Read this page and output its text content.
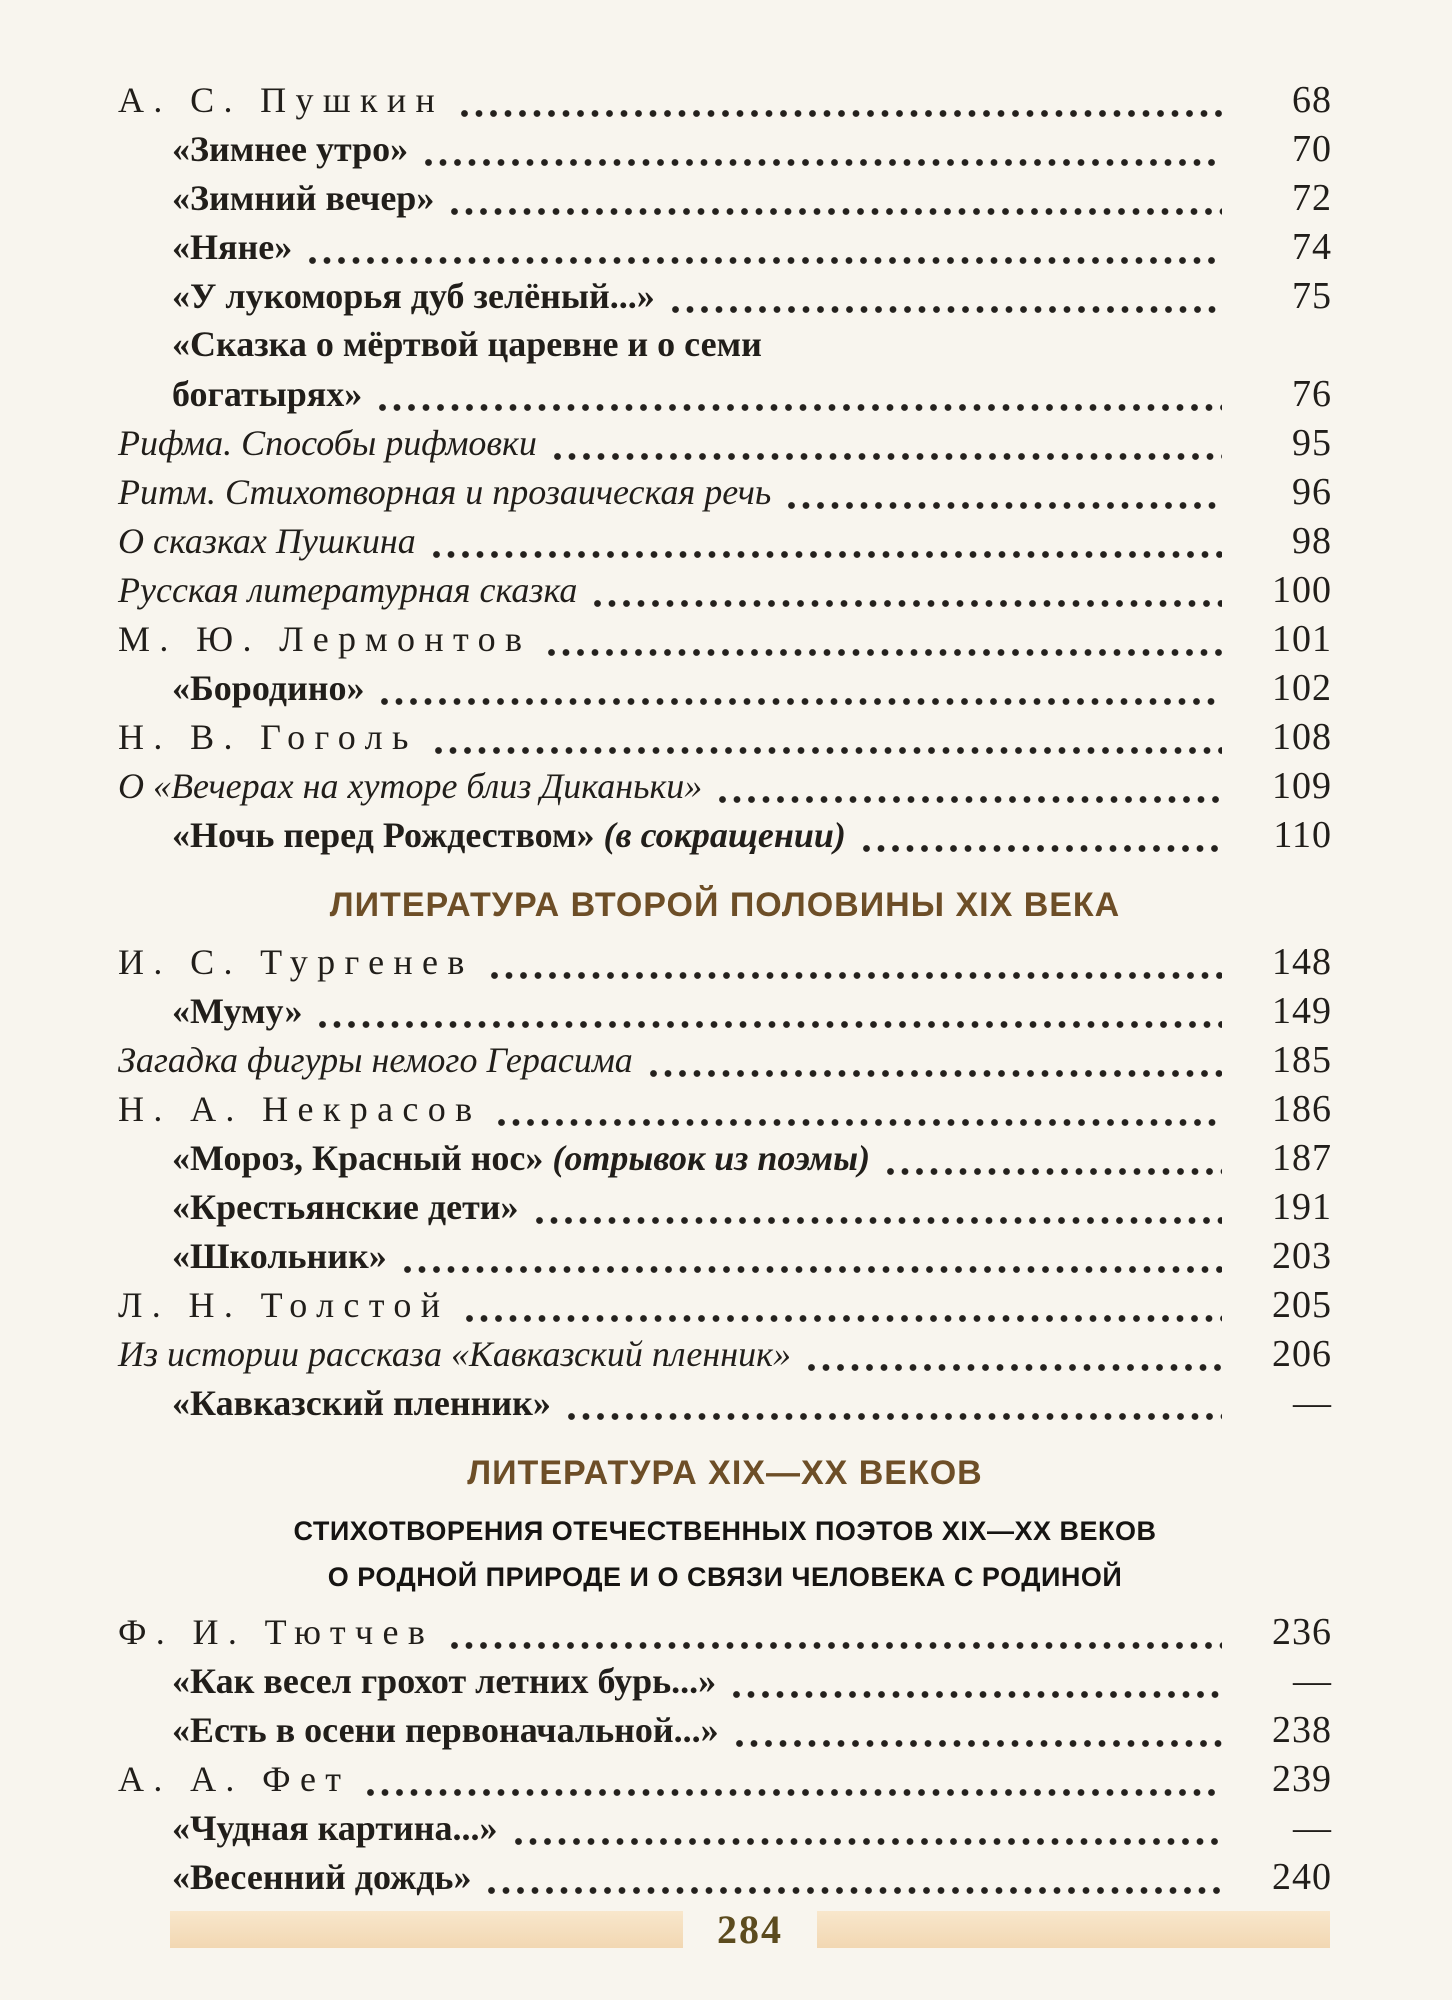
А. С. Пушкин	68
«Зимнее утро»	70
«Зимний вечер»	72
«Няне»	74
«У лукоморья дуб зелёный...»	75
«Сказка о мёртвой царевне и о семи
богатырях»	76
Рифма. Способы рифмовки	95
Ритм. Стихотворная и прозаическая речь	96
О сказках Пушкина	98
Русская литературная сказка	100
М. Ю. Лермонтов	101
«Бородино»	102
Н. В. Гоголь	108
О «Вечерах на хуторе близ Диканьки»	109
«Ночь перед Рождеством» (в сокращении)	110
ЛИТЕРАТУРА ВТОРОЙ ПОЛОВИНЫ XIX ВЕКА
И. С. Тургенев	148
«Муму»	149
Загадка фигуры немого Герасима	185
Н. А. Некрасов	186
«Мороз, Красный нос» (отрывок из поэмы)	187
«Крестьянские дети»	191
«Школьник»	203
Л. Н. Толстой	205
Из истории рассказа «Кавказский пленник»	206
«Кавказский пленник»	—
ЛИТЕРАТУРА XIX—XX ВЕКОВ
СТИХОТВОРЕНИЯ ОТЕЧЕСТВЕННЫХ ПОЭТОВ XIX—XX ВЕКОВ
О РОДНОЙ ПРИРОДЕ И О СВЯЗИ ЧЕЛОВЕКА С РОДИНОЙ
Ф. И. Тютчев	236
«Как весел грохот летних бурь...»	—
«Есть в осени первоначальной...»	238
А. А. Фет	239
«Чудная картина...»	—
«Весенний дождь»	240
284
